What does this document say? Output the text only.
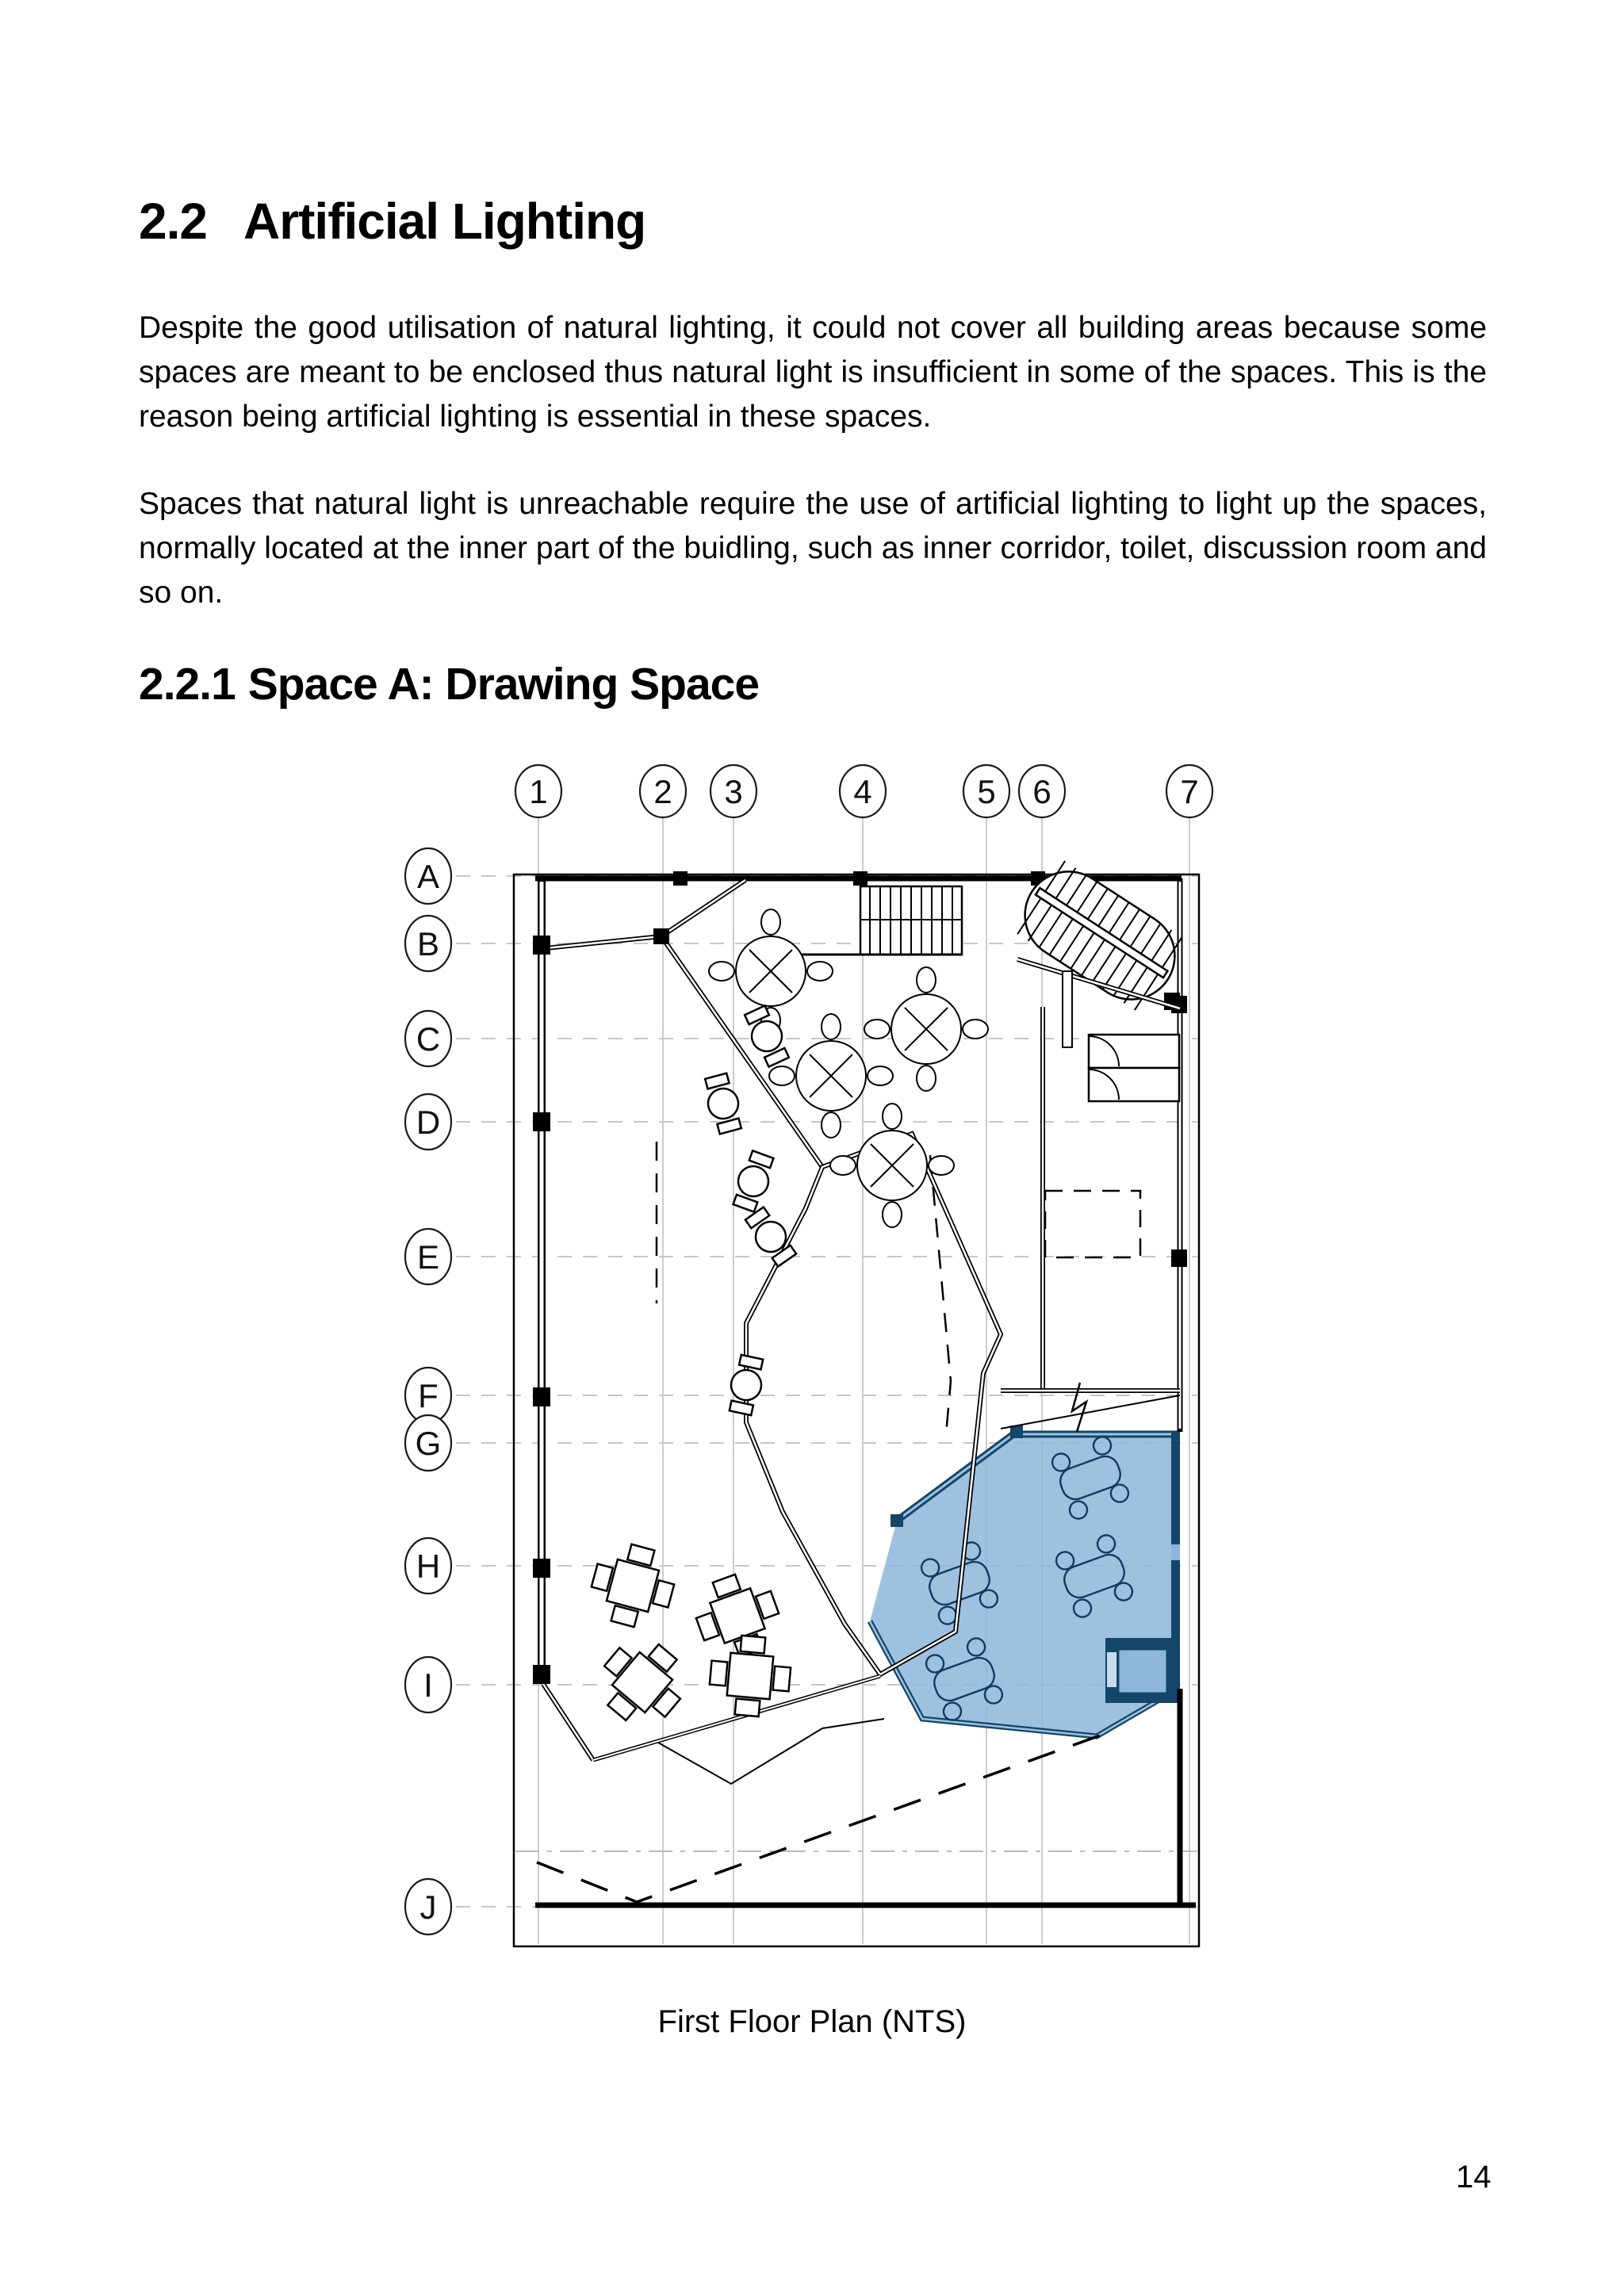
2.2 Artificial Lighting
Despite the good utilisation of natural lighting, it could not cover all building areas because some spaces are meant to be enclosed thus natural light is insufficient in some of the spaces. This is the reason being artificial lighting is essential in these spaces.
Spaces that natural light is unreachable require the use of artificial lighting to light up the spaces, normally located at the inner part of the buidling, such as inner corridor, toilet, discussion room and so on.
2.2.1 Space A: Drawing Space
1	2 3	4	5 6	7
A
B
C
D
E
F
G
H
I
J
First Floor Plan (NTS)
14
